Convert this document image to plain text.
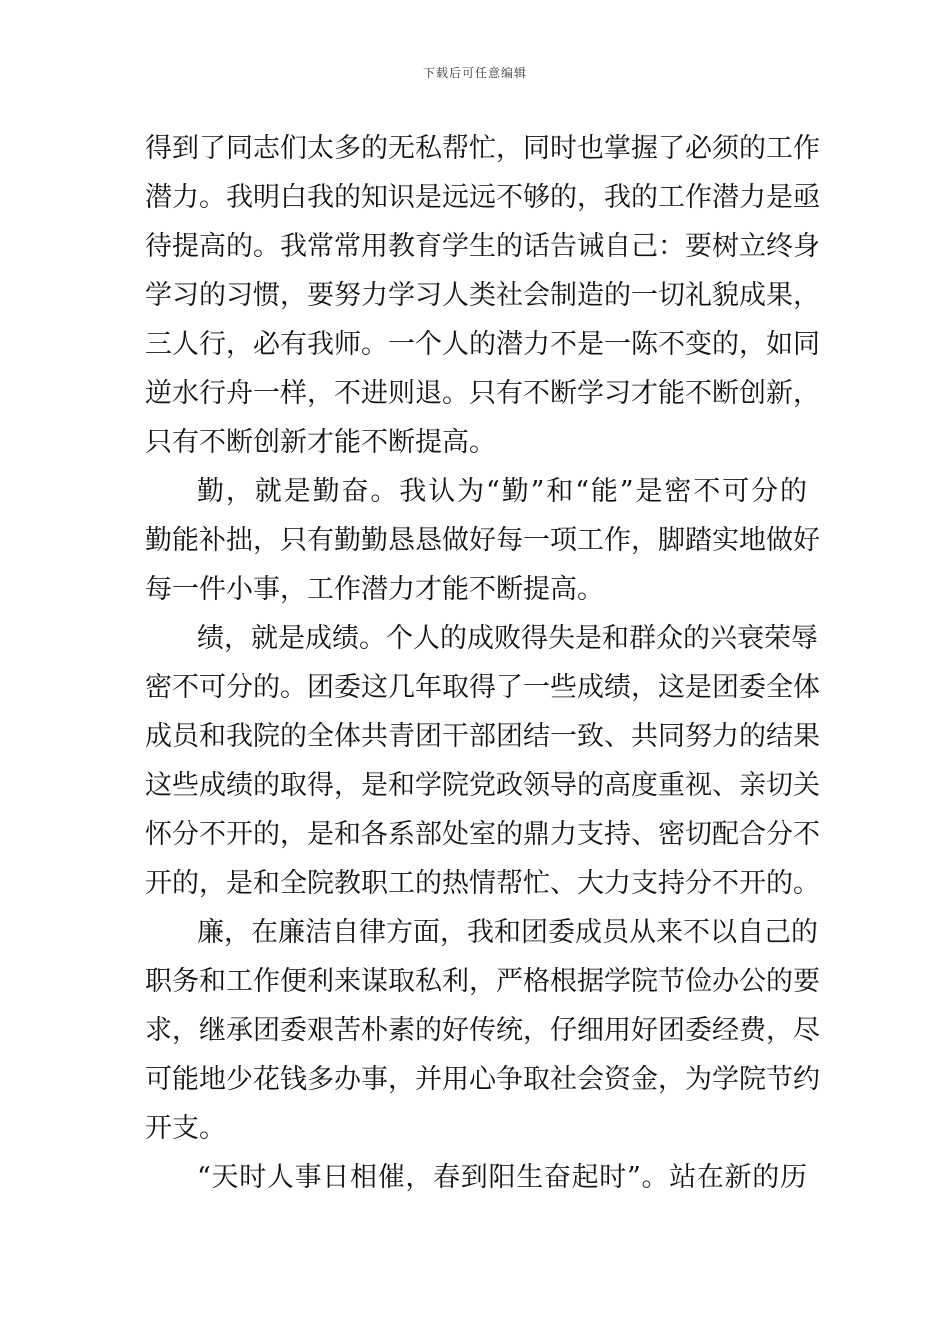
下载后可任意编辑
得到了同志们太多的无私帮忙，同时也掌握了必须的工作
潜力。我明白我的知识是远远不够的，我的工作潜力是亟
待提高的。我常常用教育学生的话告诫自己：要树立终身
学习的习惯，要努力学习人类社会制造的一切礼貌成果，
三人行，必有我师。一个人的潜力不是一陈不变的，如同
逆水行舟一样，不进则退。只有不断学习才能不断创新，
只有不断创新才能不断提高。
勤，就是勤奋。我认为“勤”和“能”是密不可分的
勤能补拙，只有勤勤恳恳做好每一项工作，脚踏实地做好
每一件小事，工作潜力才能不断提高。
绩，就是成绩。个人的成败得失是和群众的兴衰荣辱
密不可分的。团委这几年取得了一些成绩，这是团委全体
成员和我院的全体共青团干部团结一致、共同努力的结果
这些成绩的取得，是和学院党政领导的高度重视、亲切关
怀分不开的，是和各系部处室的鼎力支持、密切配合分不
开的，是和全院教职工的热情帮忙、大力支持分不开的。
廉，在廉洁自律方面，我和团委成员从来不以自己的
职务和工作便利来谋取私利，严格根据学院节俭办公的要
求，继承团委艰苦朴素的好传统，仔细用好团委经费，尽
可能地少花钱多办事，并用心争取社会资金，为学院节约
开支。
“天时人事日相催，春到阳生奋起时”。站在新的历
